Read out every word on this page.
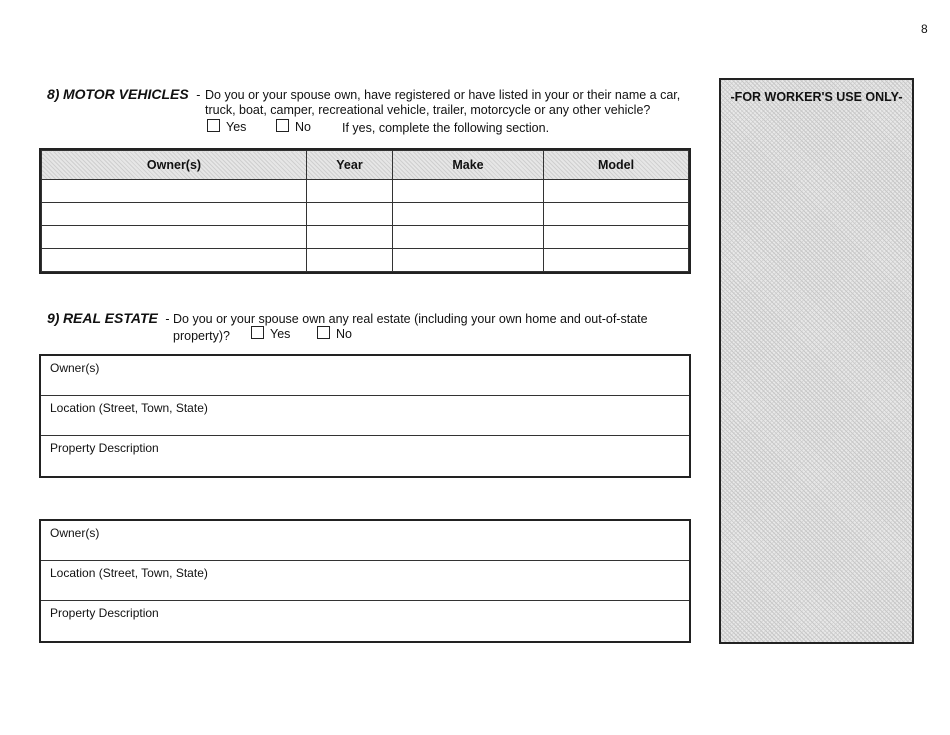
8
8) MOTOR VEHICLES - Do you or your spouse own, have registered or have listed in your or their name a car,
truck, boat, camper, recreational vehicle, trailer, motorcycle or any other vehicle?
Yes	No If yes, complete the following section.
Owner(s)	Year	Make	Model

9) REAL ESTATE - Do you or your spouse own any real estate (including your own home and out-of-state
property)?	Yes	No
Owner(s)
Location (Street, Town, State)
Property Description
Owner(s)
Location (Street, Town, State)
Property Description
-FOR WORKER'S USE ONLY-
